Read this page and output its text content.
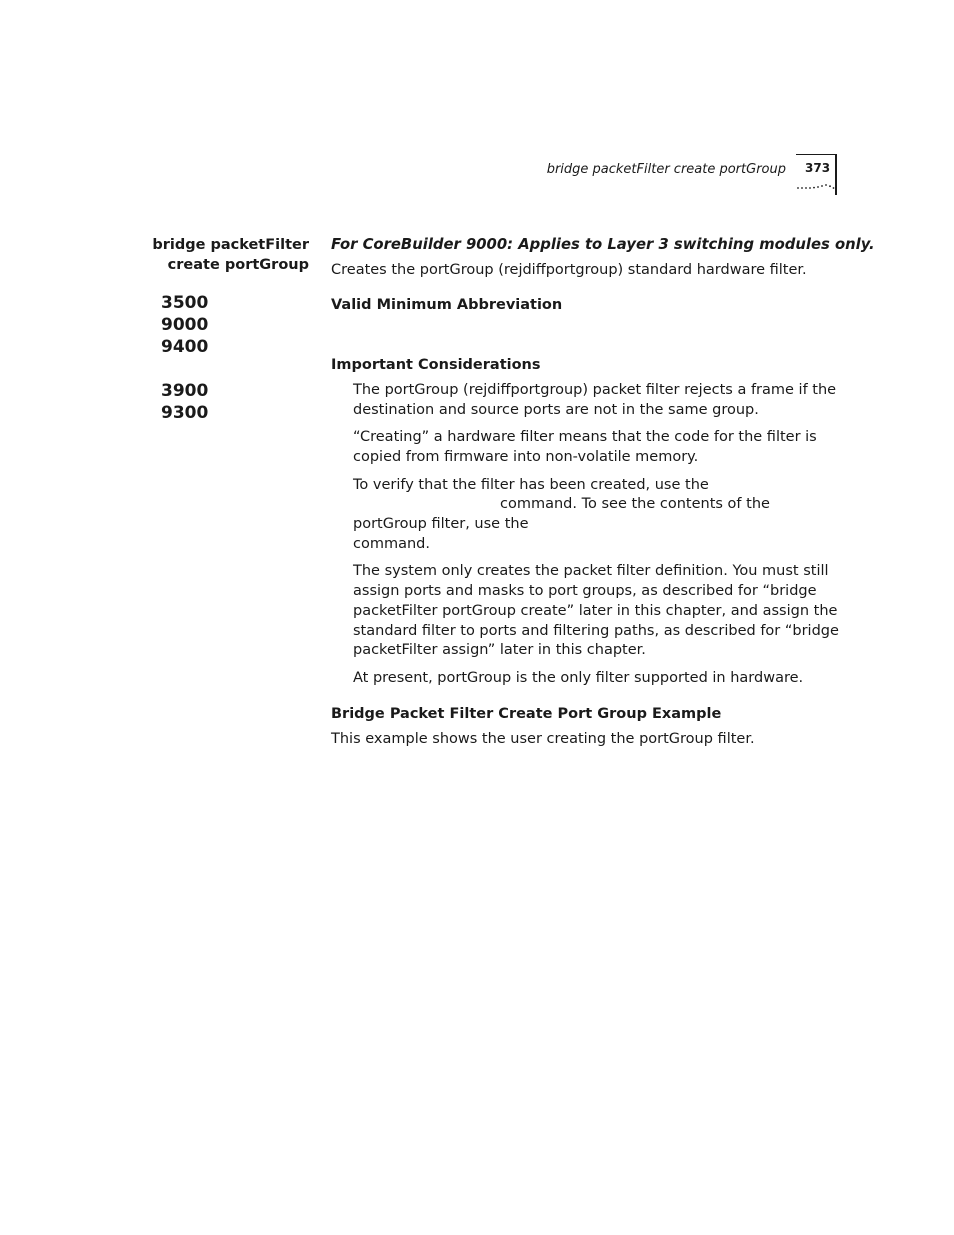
bridge packetFilter create portGroup 373
bridge packetFilter
create portGroup
3500
9000
9400
3900
9300

For CoreBuilder 9000: Applies to Layer 3 switching modules only.

Creates the portGroup (rejdiffportgroup) standard hardware filter.

Valid Minimum Abbreviation

Important Considerations

The portGroup (rejdiffportgroup) packet filter rejects a frame if the destination and source ports are not in the same group.

“Creating” a hardware filter means that the code for the filter is copied from firmware into non-volatile memory.

To verify that the filter has been created, use the
command. To see the contents of the portGroup filter, use the command.

The system only creates the packet filter definition. You must still assign ports and masks to port groups, as described for “bridge packetFilter portGroup create” later in this chapter, and assign the standard filter to ports and filtering paths, as described for “bridge packetFilter assign” later in this chapter.

At present, portGroup is the only filter supported in hardware.

Bridge Packet Filter Create Port Group Example

This example shows the user creating the portGroup filter.
